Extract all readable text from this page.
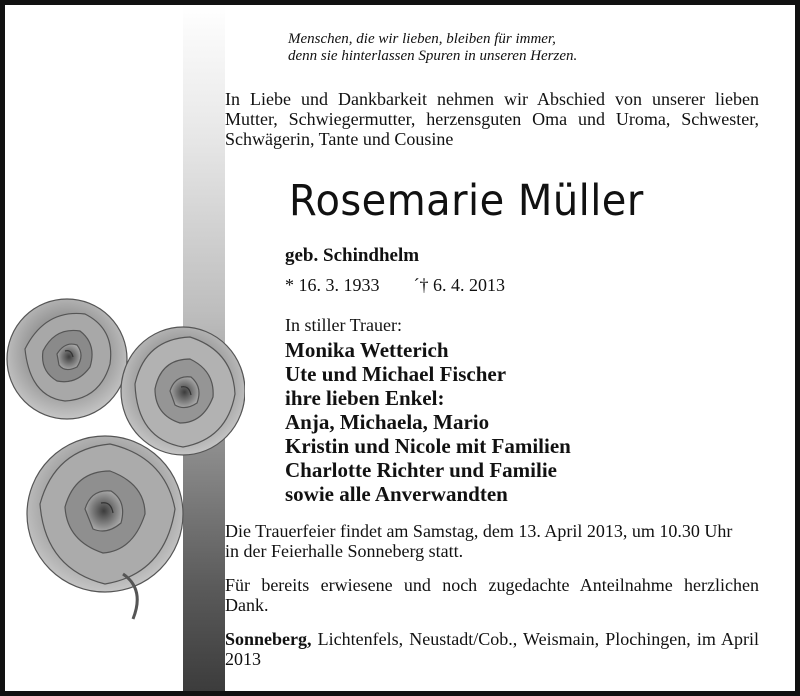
Menschen, die wir lieben, bleiben für immer,
denn sie hinterlassen Spuren in unseren Herzen.
In Liebe und Dankbarkeit nehmen wir Abschied von unserer lieben Mutter, Schwiegermutter, herzensguten Oma und Uroma, Schwester, Schwägerin, Tante und Cousine
Rosemarie Müller
geb. Schindhelm
* 16. 3. 1933 ´† 6. 4. 2013
In stiller Trauer:
Monika Wetterich
Ute und Michael Fischer
ihre lieben Enkel:
Anja, Michaela, Mario
Kristin und Nicole mit Familien
Charlotte Richter und Familie
sowie alle Anverwandten
Die Trauerfeier findet am Samstag, dem 13. April 2013, um 10.30 Uhr
in der Feierhalle Sonneberg statt.
Für bereits erwiesene und noch zugedachte Anteilnahme herzlichen Dank.
Sonneberg, Lichtenfels, Neustadt/Cob., Weismain, Plochingen, im April 2013
